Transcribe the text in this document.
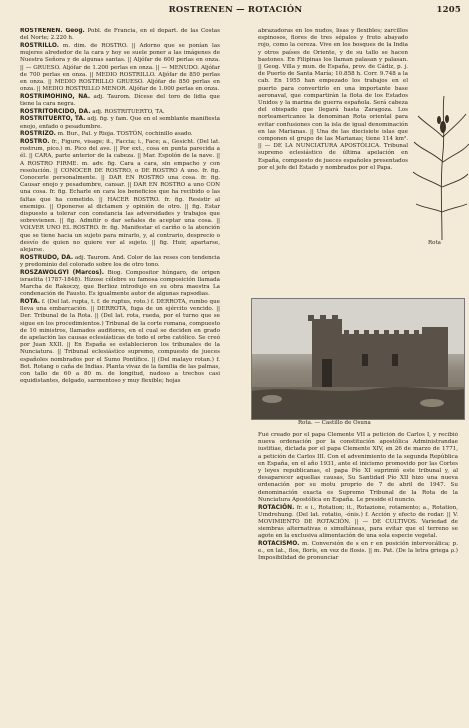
ROSTRENEN — ROTACIÓN	1205

ROSTRENEN. Geog. Pobl. de Francia, en el depart. de las Costas del Norte; 2.220 h.

ROSTRILLO. m. dim. de ROSTRO. || Adorno que se ponían las mujeres alrededor de la cara y hoy se suele poner a las imágenes de Nuestra Señora y de algunas santas. || Aljófar de 600 perlas en onza. || — GRUESO. Aljófar de 1.200 perlas en onza. || — MENUDO. Aljófar de 700 perlas en onza. || MEDIO ROSTRILLO. Aljófar de 850 perlas en onza. || MEDIO ROSTRILLO GRUESO. Aljófar de 850 perlas en onza. || MEDIO ROSTRILLO MENOR. Aljófar de 1.000 perlas en onza.

ROSTRIMOHINO, NA. adj. Taurom. Dícese del toro de lidia que tiene la cara negra.

ROSTRITORCIDO, DA. adj. ROSTRITUERTO, TA.

ROSTRITUERTO, TA. adj. fig. y fam. Que en el semblante manifiesta enojo, enfado o pesadumbre.

ROSTRIZO. m. Bur., Pal. y Rioja. TOSTÓN, cochinillo asado.

ROSTRO. fr., Figure, visage; it., Faccia; i., Face; a., Gesicht. (Del lat. rostrum, pico.) m. Pico del ave. || Por ext., cosa en punta parecida a él. || CARA, parte anterior de la cabeza. || Mar. Espolón de la nave. || A ROSTRO FIRME. m. adv. fig. Cara a cara, sin empacho y con resolución. || CONOCER DE ROSTRO, o DE ROSTRO A uno. fr. fig. Conocerle personalmente. || DAR EN ROSTRO una cosa. fr. fig. Causar enojo y pesadumbre, cansar. || DAR EN ROSTRO a uno CON una cosa. fr. fig. Echarle en cara los beneficios que ha recibido o las faltas que ha cometido. || HACER ROSTRO. fr. fig. Resistir al enemigo. || Oponerse al dictamen y opinión de otro. || fig. Estar dispuesto a tolerar con constancia las adversidades y trabajos que sobrevienen. || fig. Admitir o dar señales de aceptar una cosa. || VOLVER UNO EL ROSTRO. fr. fig. Manifestar el cariño o la atención que se tiene hacia un sujeto para mirarlo, y, al contrario, desprecio o desvío de quien no quiere ver al sujeto. || fig. Huir, apartarse, alejarse.

ROSTRUDO, DA. adj. Taurom. And. Color de las reses con tendencia y predominio del colorado sobre los de otro tono.

ROSZAWOLGYI (Marcos). Biog. Compositor húngaro, de origen israelita (1787-1848). Hízose célebre su famosa composición llamada Marcha de Rakoczy, que Berlioz introdujo en su obra maestra La condenación de Fausto. Es igualmente autor de algunas rapsodias.

ROTA. f. (Del lat. rupta, t. f. de ruptus, roto.) f. DERROTA, rumbo que lleva una embarcación. || DERROTA, fuga de un ejército vencido. || Der. Tribunal de la Rota. || (Del lat. rota, rueda, por el turno que se sigue en los procedimientos.) Tribunal de la corte romana, compuesto de 10 ministros, llamados auditores, en el cual se deciden en grado de apelación las causas eclesiásticas de todo el orbe católico. Se creó por Juan XXII. || En España se establecieron los tribunales de la Nunciatura. || Tribunal eclesiástico supremo, compuesto de jueces españoles nombrados por el Sumo Pontífice. || (Del malayo rotan.) f. Bot. Rotang o caña de Indias. Planta vivaz de la familia de las palmas, con tallo de 60 a 80 m. de longitud, nudoso a trechos casi equidistantes, delgado, sarmentoso y muy flexible; hojas

abrazadoras en los nudos, lisas y flexibles; zarcillos espinosos, flores de tres sépalos y fruto abayado rojo, como la cereza. Vive en los bosques de la India y otros países de Oriente, y de su tallo se hacen bastones. En Filipinas los llaman palasan y palasan. || Geog. Villa y mun. de España, prov. de Cádiz, p. j. de Puerto de Santa María; 10.858 h. Corr. 9.748 a la cab. En 1955 han empezado los trabajos en el puerto para convertirlo en una importante base aeronaval, que compartirán la flota de los Estados Unidos y la marina de guerra española. Será cabeza del obispado que llegará hasta Zaragoza. Los norteamericanos la denominan Rota oriental para evitar confusiones con la isla de igual denominación en las Marianas. || Una de las diecisiete islas que componen el grupo de las Marianas; tiene 114 km². || — DE LA NUNCIATURA APOSTÓLICA. Tribunal supremo eclesiástico de última apelación en España, compuesto de jueces españoles presentados por el jefe del Estado y nombrados por el Papa.

Rota
Rota. — Castillo de Osuna

Fué creado por el papa Clemente VII a petición de Carlos I, y recibió nueva ordenación por la constitución apostólica Administrandae iustitiae, dictada por el papa Clemente XIV, en 26 de marzo de 1771, a petición de Carlos III. Con el advenimiento de la segunda República en España, en el año 1931, ante el inicismo promovido por las Cortes y leyes republicanas, el papa Pío XI suprimió este tribunal y, al desaparecer aquellas causas, Su Santidad Pío XII hizo una nueva ordenación por su motu proprio de 7 de abril de 1947. Su denominación exacta es Supremo Tribunal de la Rota de la Nunciatura Apostólica en España. Le preside el nuncio.

ROTACIÓN. fr. e i., Rotation; it., Rotazione, rotamento; a., Rotation, Umdrehung. (Del lat. rotatio, -ónis.) f. Acción y efecto de rodar. || V. MOVIMIENTO DE ROTACIÓN. || — DE CULTIVOS. Variedad de siembras alternativas o simultáneas, para evitar que el terreno se agote en la exclusiva alimentación de una sola especie vegetal.

ROTACISMO. m. Conversión de s en r en posición intervocálica; p. e., en lat., flos, floris, en vez de flosis. || m. Pat. (De la letra griega ρ.) Imposibilidad de pronunciar
